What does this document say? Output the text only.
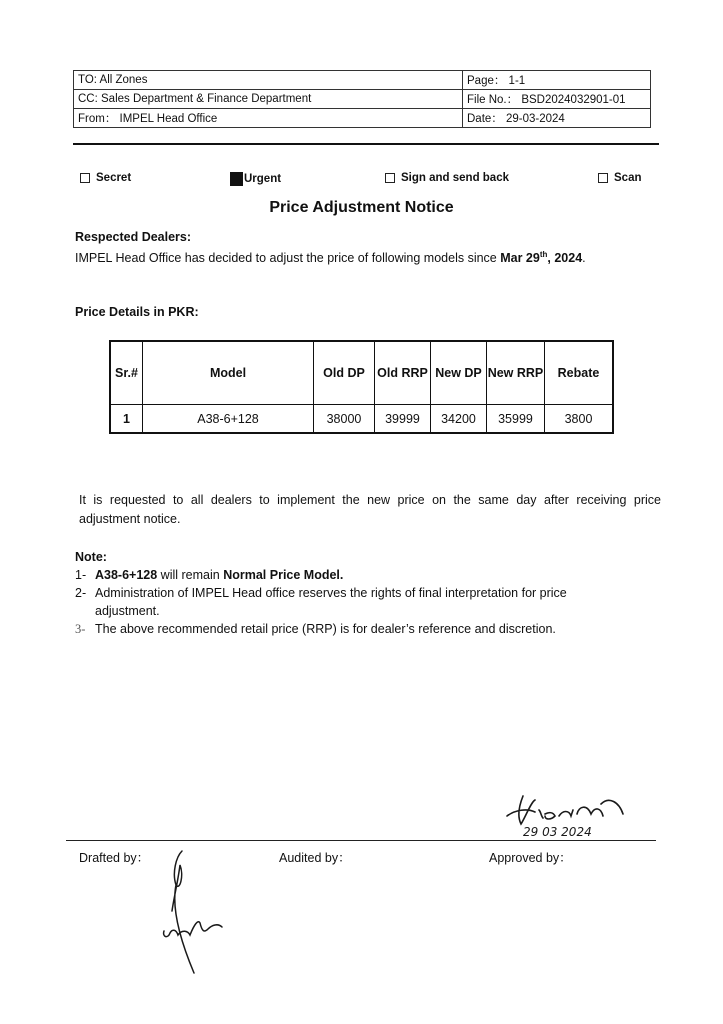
TO: All Zones	Page： 1-1
CC: Sales Department & Finance Department	File No.： BSD2024032901-01
From： IMPEL Head Office	Date： 29-03-2024
Secret	Urgent	Sign and send back	Scan
Price Adjustment Notice
Respected Dealers:
IMPEL Head Office has decided to adjust the price of following models since Mar 29th, 2024.
Price Details in PKR:
Sr.#	Model	Old DP	Old RRP	New DP	New RRP	Rebate
1	A38-6+128	38000	39999	34200	35999	3800
It is requested to all dealers to implement the new price on the same day after receiving price
adjustment notice.
Note:
1- A38-6+128 will remain Normal Price Model.
2- Administration of IMPEL Head office reserves the rights of final interpretation for price
adjustment.
3- The above recommended retail price (RRP) is for dealer’s reference and discretion.
29 03 2024
Drafted by：	Audited by：	Approved by：
